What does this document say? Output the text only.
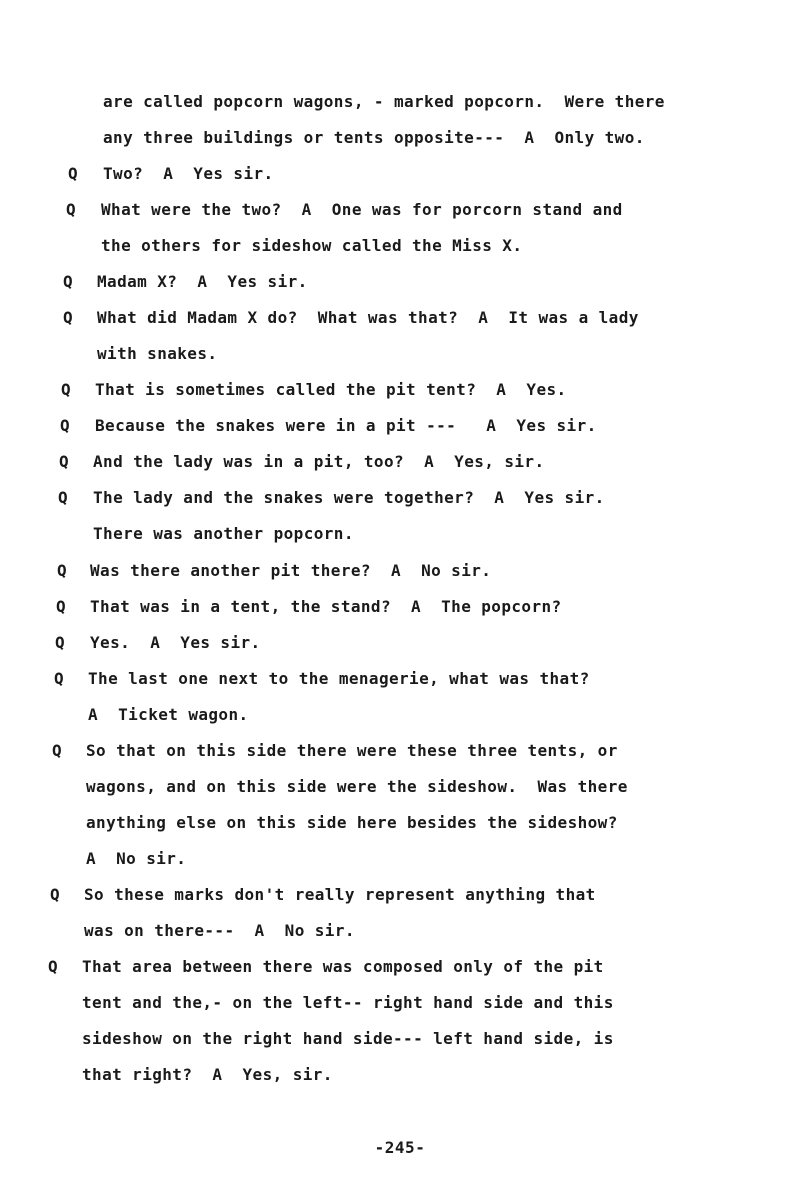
are called popcorn wagons, - marked popcorn.  Were there
any three buildings or tents opposite---  A  Only two.
Q Two?  A  Yes sir.
Q What were the two?  A  One was for porcorn stand and
the others for sideshow called the Miss X.
Q Madam X?  A  Yes sir.
Q What did Madam X do?  What was that?  A  It was a lady
with snakes.
Q That is sometimes called the pit tent?  A  Yes.
Q Because the snakes were in a pit ---   A  Yes sir.
Q And the lady was in a pit, too?  A  Yes, sir.
Q The lady and the snakes were together?  A  Yes sir.
There was another popcorn.
Q Was there another pit there?  A  No sir.
Q That was in a tent, the stand?  A  The popcorn?
Q Yes.  A  Yes sir.
Q The last one next to the menagerie, what was that?
A  Ticket wagon.
Q So that on this side there were these three tents, or
wagons, and on this side were the sideshow.  Was there
anything else on this side here besides the sideshow?
A  No sir.
Q So these marks don't really represent anything that
was on there---  A  No sir.
Q That area between there was composed only of the pit
tent and the,- on the left-- right hand side and this
sideshow on the right hand side--- left hand side, is
that right?  A  Yes, sir.
-245-
